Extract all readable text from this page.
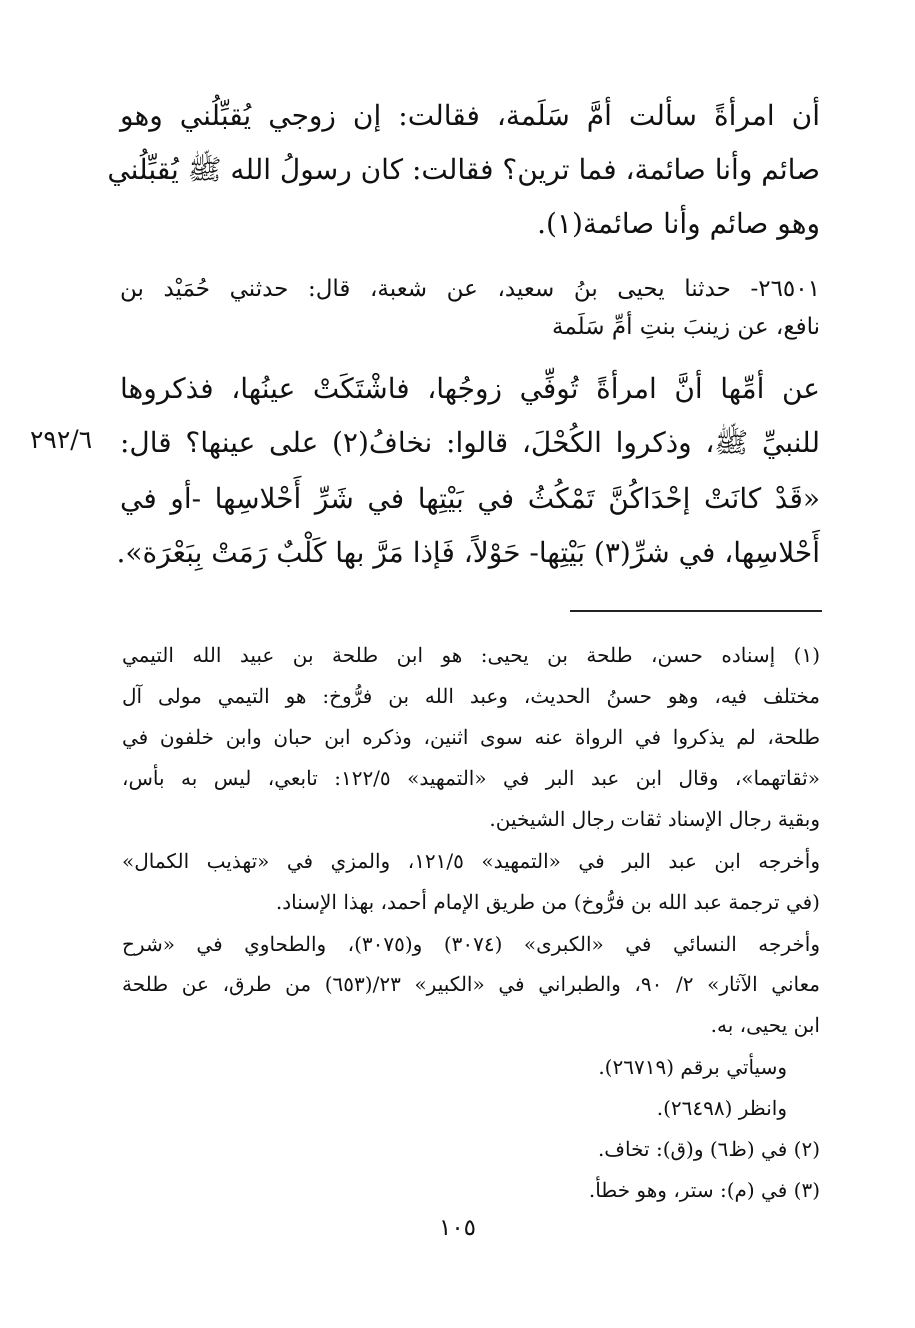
أن امرأةً سألت أمَّ سَلَمة، فقالت: إن زوجي يُقبِّلُني وهو
صائم وأنا صائمة، فما ترين؟ فقالت: كان رسولُ الله ﷺ يُقبِّلُني
وهو صائم وأنا صائمة(١).
٢٦٥٠١- حدثنا يحيى بنُ سعيد، عن شعبة، قال: حدثني حُمَيْد بن
نافع، عن زينبَ بنتِ أمِّ سَلَمة
عن أمِّها أنَّ امرأةً تُوفِّي زوجُها، فاشْتَكَتْ عينُها، فذكروها
للنبيِّ ﷺ، وذكروا الكُحْلَ، قالوا: نخافُ(٢) على عينها؟ قال:
«قَدْ كانَتْ إحْدَاكُنَّ تَمْكُثُ في بَيْتِها في شَرِّ أَحْلاسِها -أو في
أَحْلاسِها، في شرِّ(٣) بَيْتِها- حَوْلاً، فَإذا مَرَّ بها كَلْبٌ رَمَتْ بِبَعْرَة».
٢٩٢/٦
(١) إسناده حسن، طلحة بن يحيى: هو ابن طلحة بن عبيد الله التيمي
مختلف فيه، وهو حسنُ الحديث، وعبد الله بن فرُّوخ: هو التيمي مولى آل
طلحة، لم يذكروا في الرواة عنه سوى اثنين، وذكره ابن حبان وابن خلفون في
«ثقاتهما»، وقال ابن عبد البر في «التمهيد» ١٢٢/٥: تابعي، ليس به بأس،
وبقية رجال الإسناد ثقات رجال الشيخين.
وأخرجه ابن عبد البر في «التمهيد» ١٢١/٥، والمزي في «تهذيب الكمال»
(في ترجمة عبد الله بن فرُّوخ) من طريق الإمام أحمد، بهذا الإسناد.
وأخرجه النسائي في «الكبرى» (٣٠٧٤) و(٣٠٧٥)، والطحاوي في «شرح
معاني الآثار» ٢/ ٩٠، والطبراني في «الكبير» ٢٣/(٦٥٣) من طرق، عن طلحة
ابن يحيى، به.
وسيأتي برقم (٢٦٧١٩).
وانظر (٢٦٤٩٨).
(٢) في (ظ٦) و(ق): تخاف.
(٣) في (م): ستر، وهو خطأ.
١٠٥
